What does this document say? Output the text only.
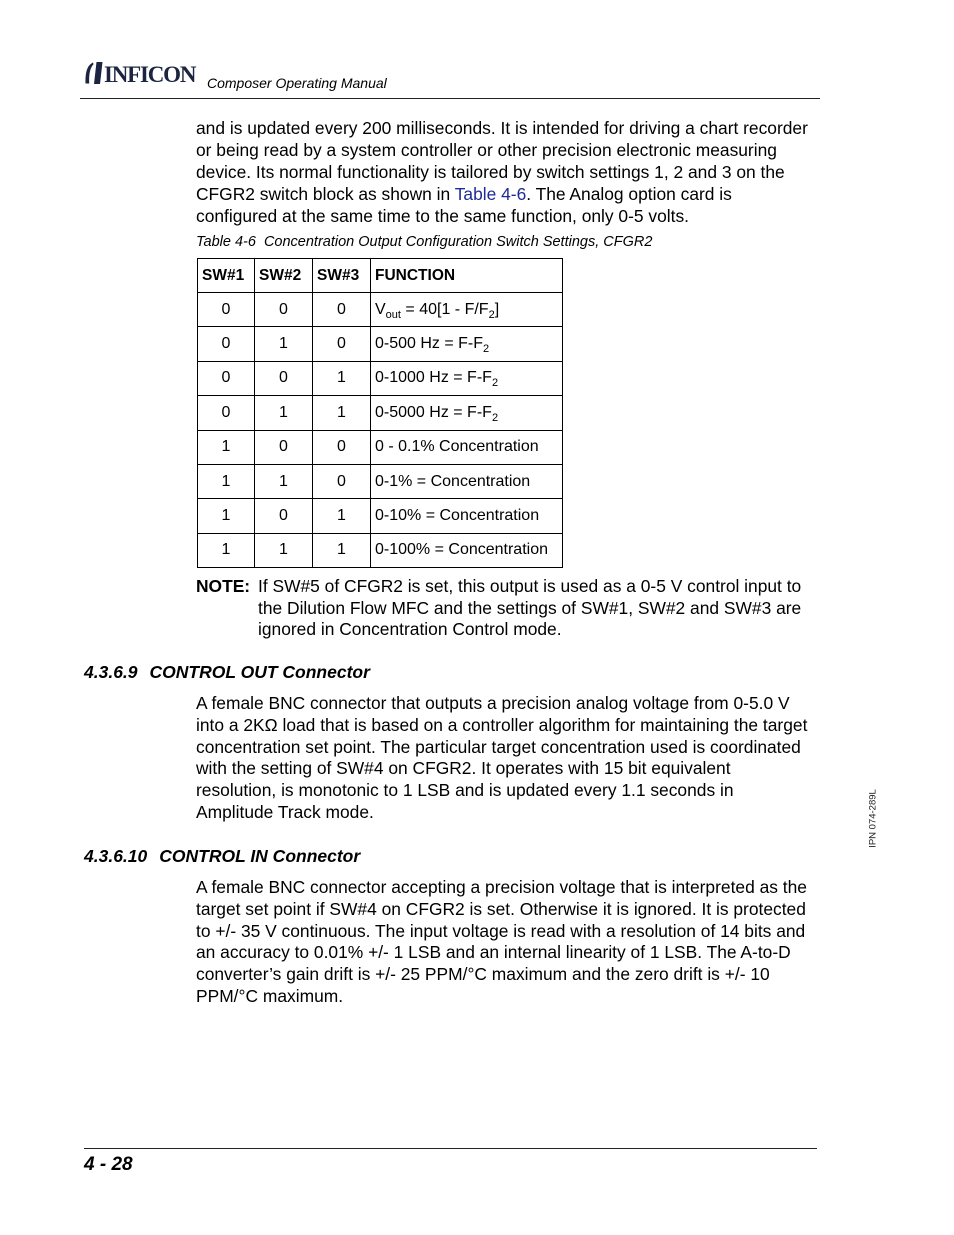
INFICON Composer Operating Manual
and is updated every 200 milliseconds. It is intended for driving a chart recorder
or being read by a system controller or other precision electronic measuring
device. Its normal functionality is tailored by switch settings 1, 2 and 3 on the
CFGR2 switch block as shown in Table 4-6. The Analog option card is
configured at the same time to the same function, only 0-5 volts.
Table 4-6 Concentration Output Configuration Switch Settings, CFGR2
SW#1	SW#2	SW#3	FUNCTION
0	0	0	$V_{out} = 40[1 - F/F_2]$
0	1	0	0-500 $Hz = F-F_2$
0	0	1	0-1000 $Hz = F-F_2$
0	1	1	0-5000 $Hz = F-F_2$
1	0	0	0 - 0.1% Concentration
1	1	0	0-1% = Concentration
1	0	1	0-10% = Concentration
1	1	1	0-100% = Concentration
NOTE: If SW#5 of CFGR2 is set, this output is used as a 0-5 V control input to
the Dilution Flow MFC and the settings of SW#1, SW#2 and SW#3 are
ignored in Concentration Control mode.
4.3.6.9 CONTROL OUT Connector
A female BNC connector that outputs a precision analog voltage from 0-5.0 V
into a 2KΩ load that is based on a controller algorithm for maintaining the target
concentration set point. The particular target concentration used is coordinated
with the setting of SW#4 on CFGR2. It operates with 15 bit equivalent
resolution, is monotonic to 1 LSB and is updated every 1.1 seconds in
Amplitude Track mode.
4.3.6.10 CONTROL IN Connector
A female BNC connector accepting a precision voltage that is interpreted as the
target set point if SW#4 on CFGR2 is set. Otherwise it is ignored. It is protected
to +/- 35 V continuous. The input voltage is read with a resolution of 14 bits and
an accuracy to 0.01% +/- 1 LSB and an internal linearity of 1 LSB. The A-to-D
converter’s gain drift is +/- 25 PPM/°C maximum and the zero drift is +/- 10
PPM/°C maximum.
IPN 074-289L
4 - 28
